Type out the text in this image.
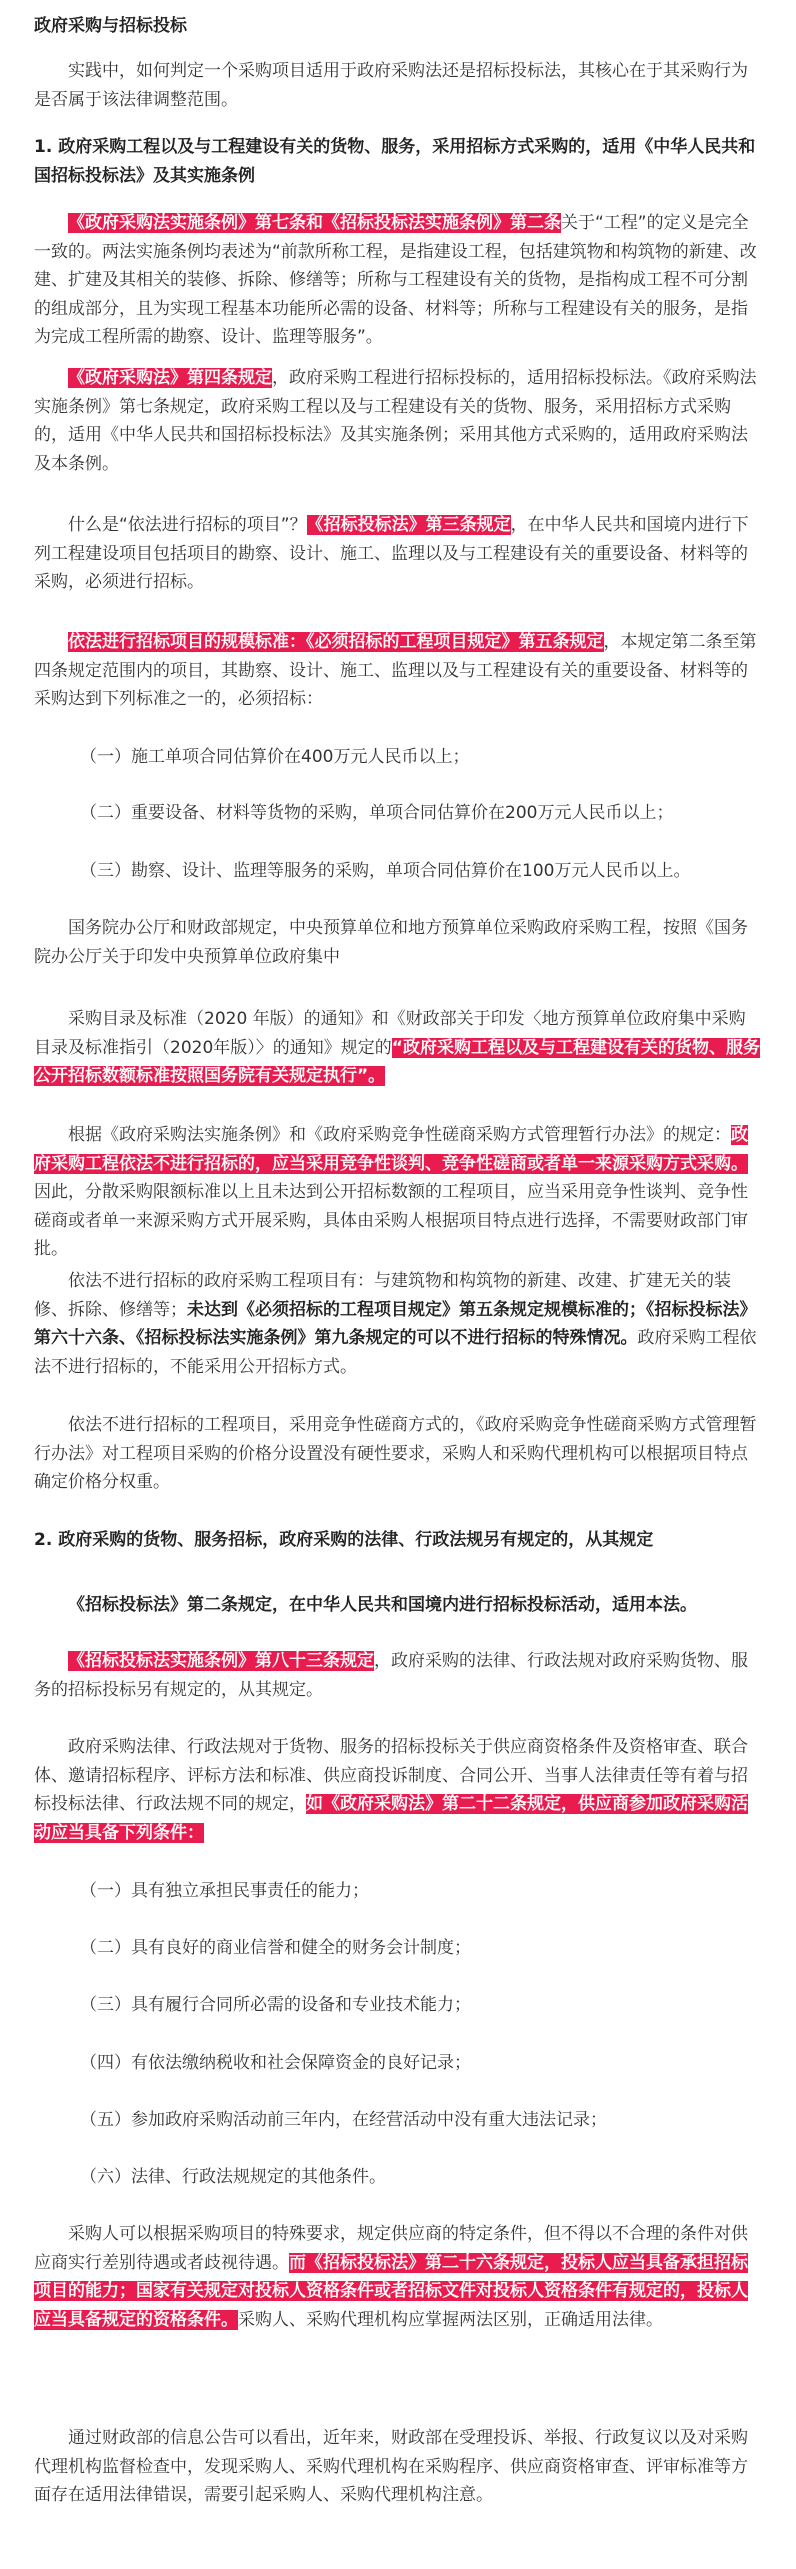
政府采购与招标投标
实践中，如何判定一个采购项目适用于政府采购法还是招标投标法，其核心在于其采购行为是否属于该法律调整范围。
1. 政府采购工程以及与工程建设有关的货物、服务，采用招标方式采购的，适用《中华人民共和国招标投标法》及其实施条例
《政府采购法实施条例》第七条和《招标投标法实施条例》第二条关于“工程”的定义是完全一致的。两法实施条例均表述为“前款所称工程，是指建设工程，包括建筑物和构筑物的新建、改建、扩建及其相关的装修、拆除、修缮等；所称与工程建设有关的货物，是指构成工程不可分割的组成部分，且为实现工程基本功能所必需的设备、材料等；所称与工程建设有关的服务，是指为完成工程所需的勘察、设计、监理等服务”。
《政府采购法》第四条规定，政府采购工程进行招标投标的，适用招标投标法。《政府采购法实施条例》第七条规定，政府采购工程以及与工程建设有关的货物、服务，采用招标方式采购的，适用《中华人民共和国招标投标法》及其实施条例；采用其他方式采购的，适用政府采购法及本条例。
什么是“依法进行招标的项目”？《招标投标法》第三条规定，在中华人民共和国境内进行下列工程建设项目包括项目的勘察、设计、施工、监理以及与工程建设有关的重要设备、材料等的采购，必须进行招标。
依法进行招标项目的规模标准：《必须招标的工程项目规定》第五条规定，本规定第二条至第四条规定范围内的项目，其勘察、设计、施工、监理以及与工程建设有关的重要设备、材料等的采购达到下列标准之一的，必须招标：
（一）施工单项合同估算价在400万元人民币以上；
（二）重要设备、材料等货物的采购，单项合同估算价在200万元人民币以上；
（三）勘察、设计、监理等服务的采购，单项合同估算价在100万元人民币以上。
国务院办公厅和财政部规定，中央预算单位和地方预算单位采购政府采购工程，按照《国务院办公厅关于印发中央预算单位政府集中
采购目录及标准（2020 年版）的通知》和《财政部关于印发〈地方预算单位政府集中采购目录及标准指引（2020年版）〉的通知》规定的“政府采购工程以及与工程建设有关的货物、服务公开招标数额标准按照国务院有关规定执行”。
根据《政府采购法实施条例》和《政府采购竞争性磋商采购方式管理暂行办法》的规定：政府采购工程依法不进行招标的，应当采用竞争性谈判、竞争性磋商或者单一来源采购方式采购。因此，分散采购限额标准以上且未达到公开招标数额的工程项目，应当采用竞争性谈判、竞争性磋商或者单一来源采购方式开展采购，具体由采购人根据项目特点进行选择，不需要财政部门审批。
依法不进行招标的政府采购工程项目有：与建筑物和构筑物的新建、改建、扩建无关的装修、拆除、修缮等；未达到《必须招标的工程项目规定》第五条规定规模标准的；《招标投标法》第六十六条、《招标投标法实施条例》第九条规定的可以不进行招标的特殊情况。政府采购工程依法不进行招标的，不能采用公开招标方式。
依法不进行招标的工程项目，采用竞争性磋商方式的，《政府采购竞争性磋商采购方式管理暂行办法》对工程项目采购的价格分设置没有硬性要求，采购人和采购代理机构可以根据项目特点确定价格分权重。
2. 政府采购的货物、服务招标，政府采购的法律、行政法规另有规定的，从其规定
《招标投标法》第二条规定，在中华人民共和国境内进行招标投标活动，适用本法。
《招标投标法实施条例》第八十三条规定，政府采购的法律、行政法规对政府采购货物、服务的招标投标另有规定的，从其规定。
政府采购法律、行政法规对于货物、服务的招标投标关于供应商资格条件及资格审查、联合体、邀请招标程序、评标方法和标准、供应商投诉制度、合同公开、当事人法律责任等有着与招标投标法律、行政法规不同的规定，如《政府采购法》第二十二条规定，供应商参加政府采购活动应当具备下列条件：
（一）具有独立承担民事责任的能力；
（二）具有良好的商业信誉和健全的财务会计制度；
（三）具有履行合同所必需的设备和专业技术能力；
（四）有依法缴纳税收和社会保障资金的良好记录；
（五）参加政府采购活动前三年内，在经营活动中没有重大违法记录；
（六）法律、行政法规规定的其他条件。
采购人可以根据采购项目的特殊要求，规定供应商的特定条件，但不得以不合理的条件对供应商实行差别待遇或者歧视待遇。而《招标投标法》第二十六条规定，投标人应当具备承担招标项目的能力；国家有关规定对投标人资格条件或者招标文件对投标人资格条件有规定的，投标人应当具备规定的资格条件。采购人、采购代理机构应掌握两法区别，正确适用法律。
通过财政部的信息公告可以看出，近年来，财政部在受理投诉、举报、行政复议以及对采购代理机构监督检查中，发现采购人、采购代理机构在采购程序、供应商资格审查、评审标准等方面存在适用法律错误，需要引起采购人、采购代理机构注意。
